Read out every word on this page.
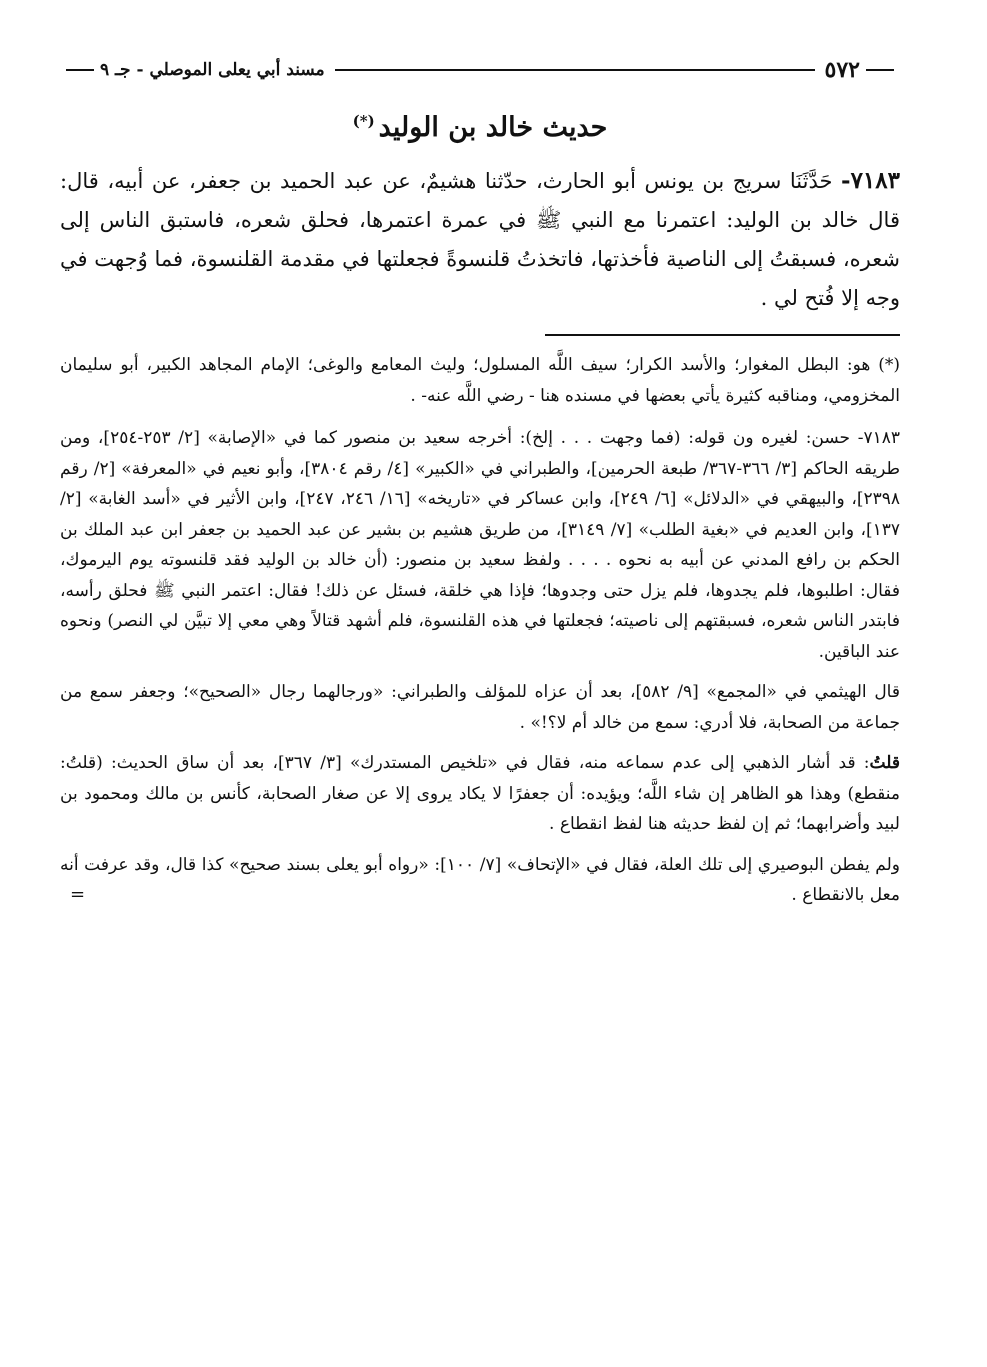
٥٧٢
مسند أبي يعلى الموصلي - جـ ٩
حديث خالد بن الوليد(*)

٧١٨٣- حَدَّثَنَا سريج بن يونس أبو الحارث، حدّثنا هشيمٌ، عن عبد الحميد بن جعفر، عن أبيه، قال: قال خالد بن الوليد: اعتمرنا مع النبي ﷺ في عمرة اعتمرها، فحلق شعره، فاستبق الناس إلى شعره، فسبقتُ إلى الناصية فأخذتها، فاتخذتُ قلنسوةً فجعلتها في مقدمة القلنسوة، فما وُجهت في وجه إلا فُتح لي .

(*) هو: البطل المغوار؛ والأسد الكرار؛ سيف اللَّه المسلول؛ وليث المعامع والوغى؛ الإمام المجاهد الكبير، أبو سليمان المخزومي، ومناقبه كثيرة يأتي بعضها في مسنده هنا - رضي اللَّه عنه- .

٧١٨٣- حسن: لغيره ون قوله: (فما وجهت . . . إلخ): أخرجه سعيد بن منصور كما في «الإصابة» [٢/ ٢٥٣-٢٥٤]، ومن طريقه الحاكم [٣/ ٣٦٦-٣٦٧/ طبعة الحرمين]، والطبراني في «الكبير» [٤/ رقم ٣٨٠٤]، وأبو نعيم في «المعرفة» [٢/ رقم ٢٣٩٨]، والبيهقي في «الدلائل» [٦/ ٢٤٩]، وابن عساكر في «تاريخه» [١٦/ ٢٤٦، ٢٤٧]، وابن الأثير في «أسد الغابة» [٢/ ١٣٧]، وابن العديم في «بغية الطلب» [٧/ ٣١٤٩]، من طريق هشيم بن بشير عن عبد الحميد بن جعفر ابن عبد الملك بن الحكم بن رافع المدني عن أبيه به نحوه . . . . ولفظ سعيد بن منصور: (أن خالد بن الوليد فقد قلنسوته يوم اليرموك، فقال: اطلبوها، فلم يجدوها، فلم يزل حتى وجدوها؛ فإذا هي خلقة، فسئل عن ذلك! فقال: اعتمر النبي ﷺ فحلق رأسه، فابتدر الناس شعره، فسبقتهم إلى ناصيته؛ فجعلتها في هذه القلنسوة، فلم أشهد قتالاً وهي معي إلا تبيَّن لي النصر) ونحوه عند الباقين.

قال الهيثمي في «المجمع» [٩/ ٥٨٢]، بعد أن عزاه للمؤلف والطبراني: «ورجالهما رجال «الصحيح»؛ وجعفر سمع من جماعة من الصحابة، فلا أدري: سمع من خالد أم لا؟!» .

قلتُ: قد أشار الذهبي إلى عدم سماعه منه، فقال في «تلخيص المستدرك» [٣/ ٣٦٧]، بعد أن ساق الحديث: (قلتُ: منقطع) وهذا هو الظاهر إن شاء اللَّه؛ ويؤيده: أن جعفرًا لا يكاد يروى إلا عن صغار الصحابة، كأنس بن مالك ومحمود بن لبيد وأضرابهما؛ ثم إن لفظ حديثه هنا لفظ انقطاع .

ولم يفطن البوصيري إلى تلك العلة، فقال في «الإتحاف» [٧/ ١٠٠]: «رواه أبو يعلى بسند صحيح» كذا قال، وقد عرفت أنه معل بالانقطاع .
=
